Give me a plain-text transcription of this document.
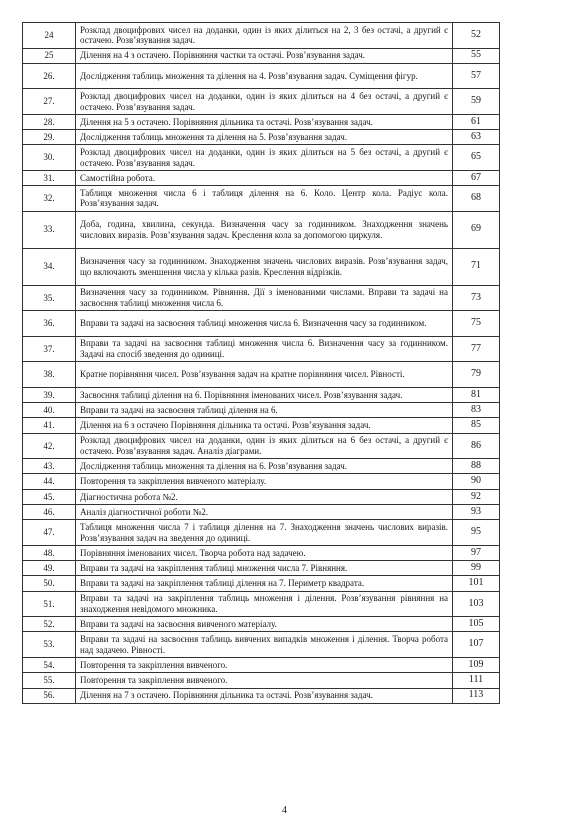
24	Розклад двоцифрових чисел на доданки, один із яких ділиться на 2, 3 без остачі, а другий є остачею. Розв’язування задач.	52
25	Ділення на 4 з остачею. Порівняння частки та остачі. Розв’язування задач.	55
26.	Дослідження таблиць множення та ділення на 4. Розв’язування задач. Суміщення фігур.	57
27.	Розклад двоцифрових чисел на доданки, один із яких ділиться на 4 без остачі, а другий є остачею. Розв’язування задач.	59
28.	Ділення на 5 з остачею. Порівняння дільника та остачі. Розв’язування задач.	61
29.	Дослідження таблиць множення та ділення на 5. Розв’язування задач.	63
30.	Розклад двоцифрових чисел на доданки, один із яких ділиться на 5 без остачі, а другий є остачею. Розв’язування задач.	65
31.	Самостійна робота.	67
32.	Таблиця множення числа 6 і таблиця ділення на 6. Коло. Центр кола. Радіус кола. Розв’язування задач.	68
33.	Доба, година, хвилина, секунда. Визначення часу за годинником. Знаходження значень числових виразів. Розв’язування задач. Креслення кола за допомогою циркуля.	69
34.	Визначення часу за годинником. Знаходження значень числових виразів. Розв’язування задач, що включають зменшення числа у кілька разів. Креслення відрізків.	71
35.	Визначення часу за годинником. Рівняння. Дії з іменованими числами. Вправи та задачі на засвоєння таблиці множення числа 6.	73
36.	Вправи та задачі на засвоєння таблиці множення числа 6. Визначення часу за годинником.	75
37.	Вправи та задачі на засвоєння таблиці множення числа 6. Визначення часу за годинником. Задачі на спосіб зведення до одиниці.	77
38.	Кратне порівняння чисел. Розв’язування задач на кратне порівняння чисел. Рівності.	79
39.	Засвоєння таблиці ділення на 6. Порівняння іменованих чисел. Розв’язування задач.	81
40.	Вправи та задачі на засвоєння таблиці ділення на 6.	83
41.	Ділення на 6 з остачею Порівняння дільника та остачі. Розв’язування задач.	85
42.	Розклад двоцифрових чисел на доданки, один із яких ділиться на 6 без остачі, а другий є остачею. Розв’язування задач. Аналіз діаграми.	86
43.	Дослідження таблиць множення та ділення на 6. Розв’язування задач.	88
44.	Повторення та закріплення вивченого матеріалу.	90
45.	Діагностична робота №2.	92
46.	Аналіз діагностичної роботи №2.	93
47.	Таблиця множення числа 7 і таблиця ділення на 7. Знаходження значень числових виразів. Розв’язування задач на зведення до одиниці.	95
48.	Порівняння іменованих чисел. Творча робота над задачею.	97
49.	Вправи та задачі на закріплення таблиці множення числа 7. Рівняння.	99
50.	Вправи та задачі на закріплення таблиці ділення на 7. Периметр квадрата.	101
51.	Вправи та задачі на закріплення таблиць множення і ділення. Розв’язування рівняння на знаходження невідомого множника.	103
52.	Вправи та задачі на засвоєння вивченого матеріалу.	105
53.	Вправи та задачі на засвоєння таблиць вивчених випадків множення і ділення. Творча робота над задачею. Рівності.	107
54.	Повторення та закріплення вивченого.	109
55.	Повторення та закріплення вивченого.	111
56.	Ділення на 7 з остачею. Порівняння дільника та остачі. Розв’язування задач.	113
4
